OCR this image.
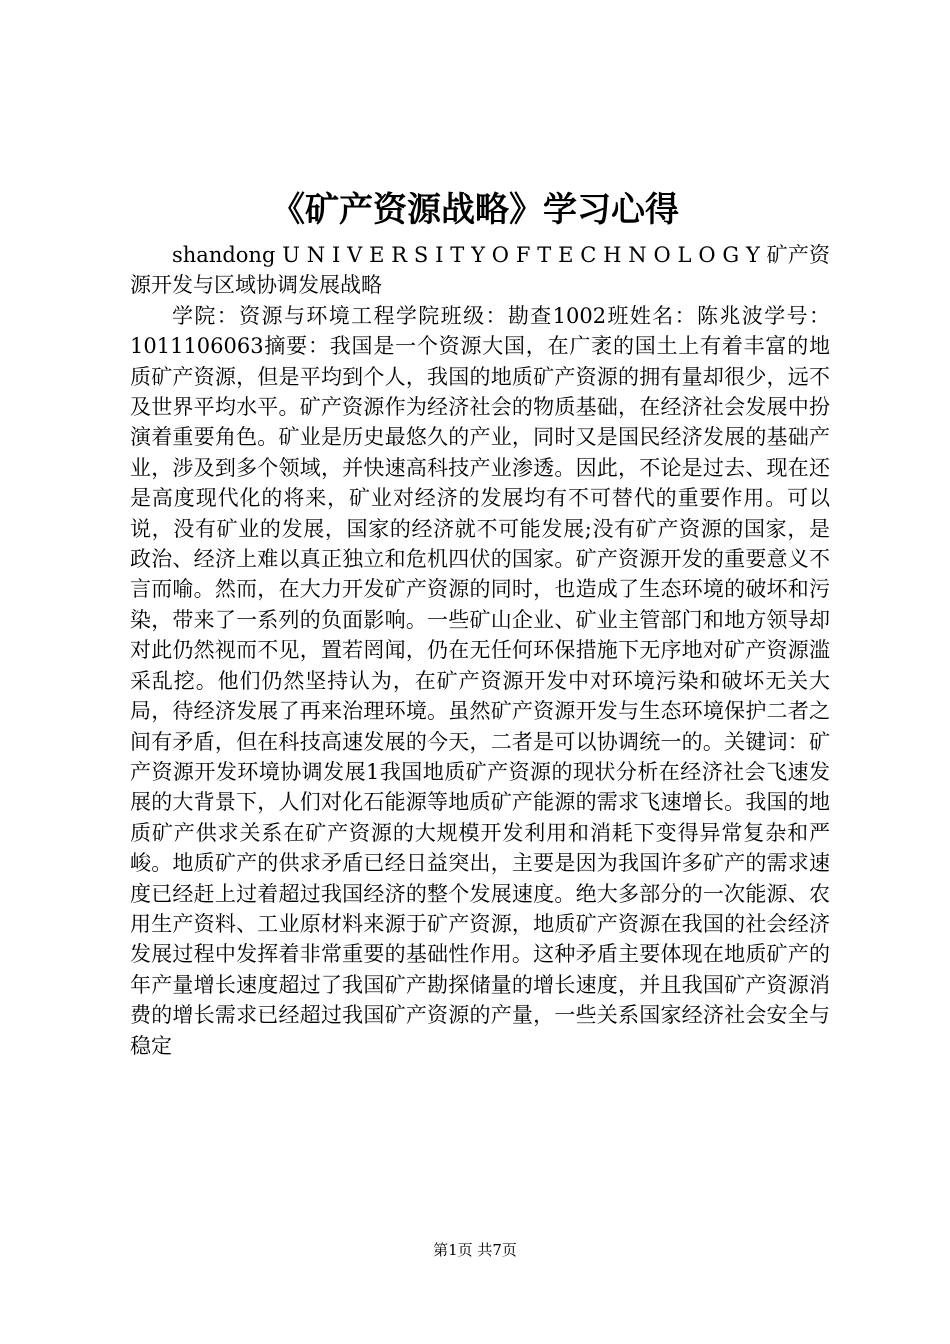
《矿产资源战略》学习心得

shandong U N I V E R S I T Y O F T E C H N O L O G Y 矿产资源开发与区域协调发展战略

学院：资源与环境工程学院班级：勘查1002班姓名：陈兆波学号：1011106063摘要：我国是一个资源大国，在广袤的国土上有着丰富的地质矿产资源，但是平均到个人，我国的地质矿产资源的拥有量却很少，远不及世界平均水平。矿产资源作为经济社会的物质基础，在经济社会发展中扮演着重要角色。矿业是历史最悠久的产业，同时又是国民经济发展的基础产业，涉及到多个领域，并快速高科技产业渗透。因此，不论是过去、现在还是高度现代化的将来，矿业对经济的发展均有不可替代的重要作用。可以说，没有矿业的发展，国家的经济就不可能发展;没有矿产资源的国家，是政治、经济上难以真正独立和危机四伏的国家。矿产资源开发的重要意义不言而喻。然而，在大力开发矿产资源的同时，也造成了生态环境的破坏和污染，带来了一系列的负面影响。一些矿山企业、矿业主管部门和地方领导却对此仍然视而不见，置若罔闻，仍在无任何环保措施下无序地对矿产资源滥采乱挖。他们仍然坚持认为，在矿产资源开发中对环境污染和破坏无关大局，待经济发展了再来治理环境。虽然矿产资源开发与生态环境保护二者之间有矛盾，但在科技高速发展的今天，二者是可以协调统一的。关键词：矿产资源开发环境协调发展1我国地质矿产资源的现状分析在经济社会飞速发展的大背景下，人们对化石能源等地质矿产能源的需求飞速增长。我国的地质矿产供求关系在矿产资源的大规模开发利用和消耗下变得异常复杂和严峻。地质矿产的供求矛盾已经日益突出，主要是因为我国许多矿产的需求速度已经赶上过着超过我国经济的整个发展速度。绝大多部分的一次能源、农用生产资料、工业原材料来源于矿产资源，地质矿产资源在我国的社会经济发展过程中发挥着非常重要的基础性作用。这种矛盾主要体现在地质矿产的年产量增长速度超过了我国矿产勘探储量的增长速度，并且我国矿产资源消费的增长需求已经超过我国矿产资源的产量，一些关系国家经济社会安全与稳定

第1页 共7页
